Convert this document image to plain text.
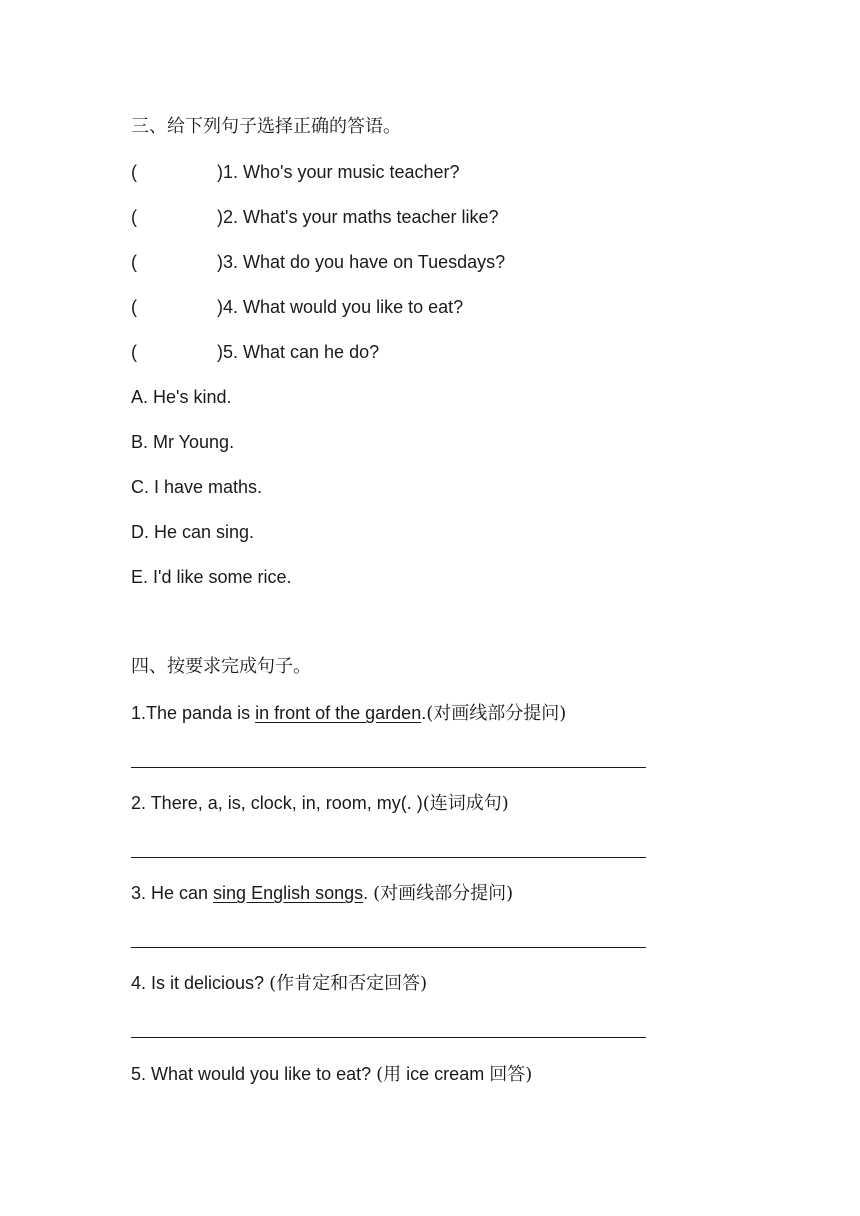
三、给下列句子选择正确的答语。
(	)1. Who's your music teacher?
(	)2. What's your maths teacher like?
(	)3. What do you have on Tuesdays?
(	)4. What would you like to eat?
(	)5. What can he do?
A. He's kind.
B. Mr Young.
C. I have maths.
D. He can sing.
E. I'd like some rice.
四、按要求完成句子。
1.The panda is in front of the garden.(对画线部分提问)
2. There, a, is, clock, in, room, my(. )(连词成句)
3. He can sing English songs. (对画线部分提问)
4. Is it delicious? (作肯定和否定回答)
5. What would you like to eat? (用 ice cream 回答)
